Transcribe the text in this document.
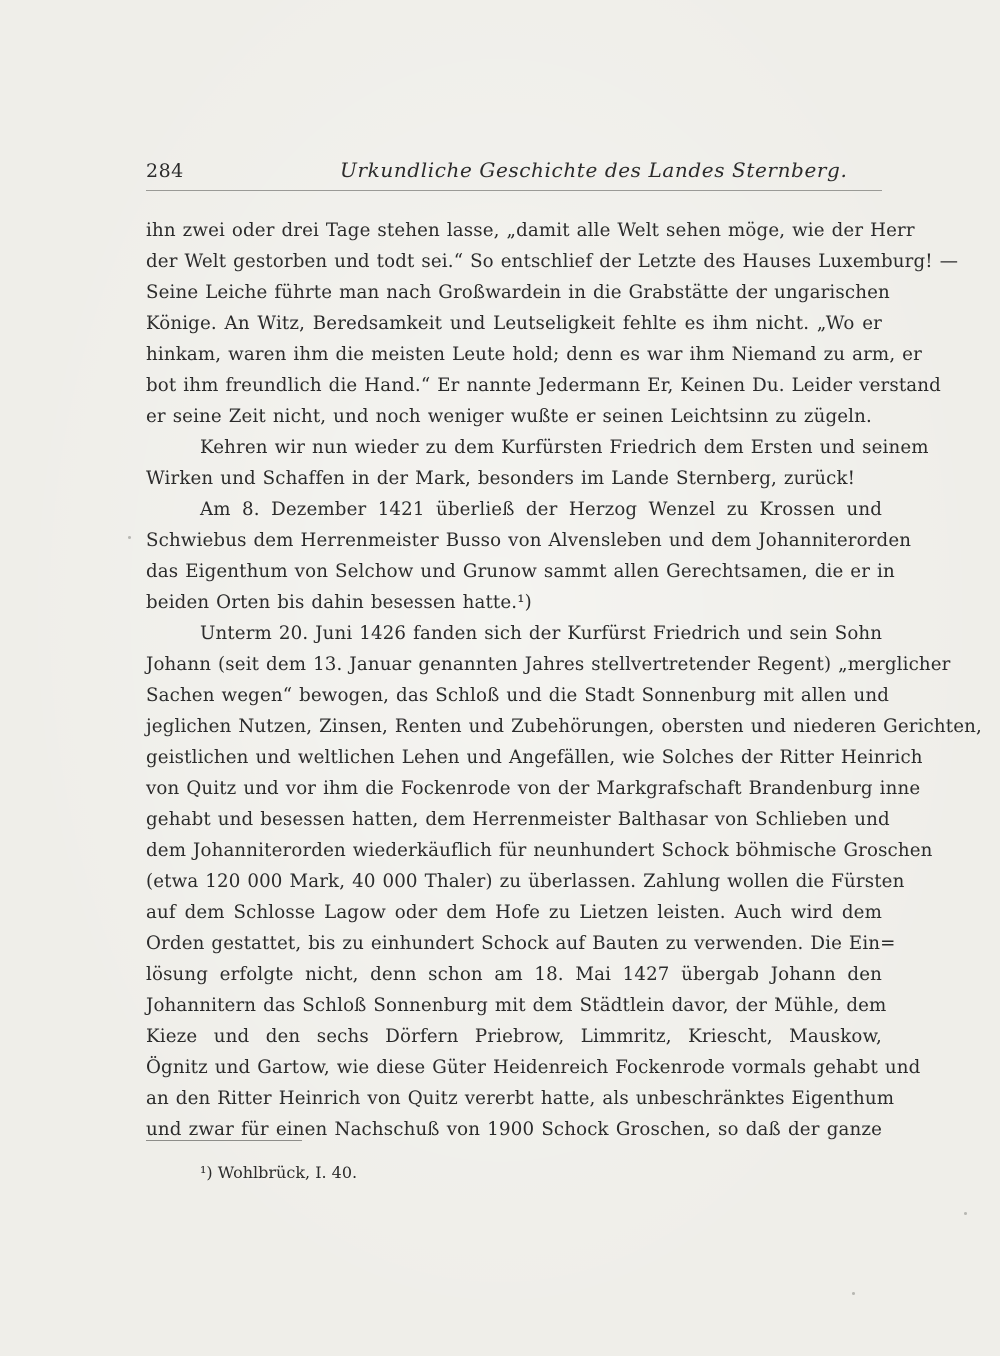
284	Urkundliche Geschichte des Landes Sternberg.
ihn zwei oder drei Tage stehen lasse, „damit alle Welt sehen möge, wie der Herr
der Welt gestorben und todt sei.“ So entschlief der Letzte des Hauses Luxemburg! —
Seine Leiche führte man nach Großwardein in die Grabstätte der ungarischen
Könige. An Witz, Beredsamkeit und Leutseligkeit fehlte es ihm nicht. „Wo er
hinkam, waren ihm die meisten Leute hold; denn es war ihm Niemand zu arm, er
bot ihm freundlich die Hand.“ Er nannte Jedermann Er, Keinen Du. Leider verstand
er seine Zeit nicht, und noch weniger wußte er seinen Leichtsinn zu zügeln.
Kehren wir nun wieder zu dem Kurfürsten Friedrich dem Ersten und seinem
Wirken und Schaffen in der Mark, besonders im Lande Sternberg, zurück!
Am 8. Dezember 1421 überließ der Herzog Wenzel zu Krossen und
Schwiebus dem Herrenmeister Busso von Alvensleben und dem Johanniterorden
das Eigenthum von Selchow und Grunow sammt allen Gerechtsamen, die er in
beiden Orten bis dahin besessen hatte.¹)
Unterm 20. Juni 1426 fanden sich der Kurfürst Friedrich und sein Sohn
Johann (seit dem 13. Januar genannten Jahres stellvertretender Regent) „merglicher
Sachen wegen“ bewogen, das Schloß und die Stadt Sonnenburg mit allen und
jeglichen Nutzen, Zinsen, Renten und Zubehörungen, obersten und niederen Gerichten,
geistlichen und weltlichen Lehen und Angefällen, wie Solches der Ritter Heinrich
von Quitz und vor ihm die Fockenrode von der Markgrafschaft Brandenburg inne
gehabt und besessen hatten, dem Herrenmeister Balthasar von Schlieben und
dem Johanniterorden wiederkäuflich für neunhundert Schock böhmische Groschen
(etwa 120 000 Mark, 40 000 Thaler) zu überlassen. Zahlung wollen die Fürsten
auf dem Schlosse Lagow oder dem Hofe zu Lietzen leisten. Auch wird dem
Orden gestattet, bis zu einhundert Schock auf Bauten zu verwenden. Die Ein=
lösung erfolgte nicht, denn schon am 18. Mai 1427 übergab Johann den
Johannitern das Schloß Sonnenburg mit dem Städtlein davor, der Mühle, dem
Kieze und den sechs Dörfern Priebrow, Limmritz, Kriescht, Mauskow,
Ögnitz und Gartow, wie diese Güter Heidenreich Fockenrode vormals gehabt und
an den Ritter Heinrich von Quitz vererbt hatte, als unbeschränktes Eigenthum
und zwar für einen Nachschuß von 1900 Schock Groschen, so daß der ganze
¹) Wohlbrück, I. 40.
